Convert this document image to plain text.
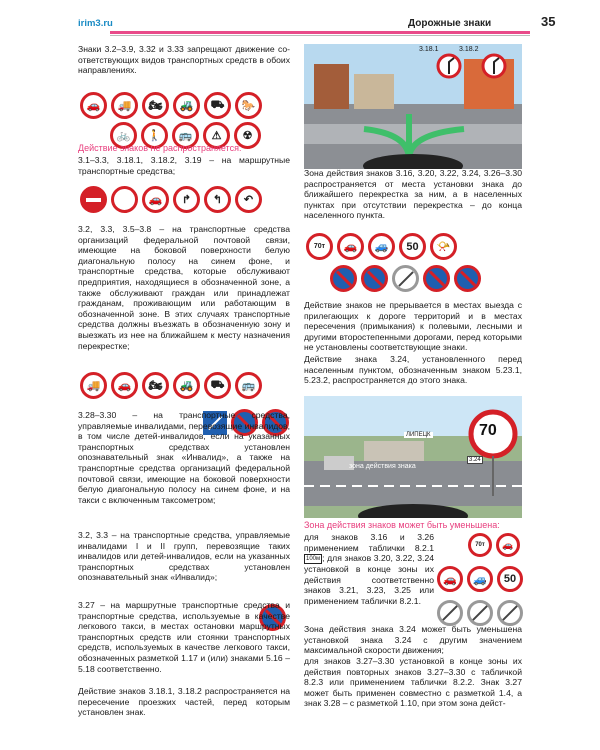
irim3.ru	Дорожные знаки	35
Знаки 3.2–3.9, 3.32 и 3.33 запрещают движение соответствующих видов транспортных средств в обоих направлениях.
🚗	🚚	🏍	🚜	⛟	🐎
🚲	🚶	🚌	⚠	☢
Действие знаков не распространяется:
3.1–3.3, 3.18.1, 3.18.2, 3.19 – на маршрутные транспортные средства;
🚗	↱	↰	↶
3.2, 3.3, 3.5–3.8 – на транспортные средства организаций федеральной почтовой связи, имеющие на боковой поверхности белую диагональную полосу на синем фоне, и транспортные средства, которые обслуживают предприятия, находящиеся в обозначенной зоне, а также обслуживают граждан или принадлежат гражданам, проживающим или работающим в обозначенной зоне. В этих случаях транспортные средства должны въезжать в обозначенную зону и выезжать из нее на ближайшем к месту назначения перекрестке;
🚚	🚗	🏍	🚜	⛟	🚌
3.28–3.30 – на транспортные средства, управляемые инвалидами, перевозящие инвалидов, в том числе детей-инвалидов, если на указанных транспортных средствах установлен опознавательный знак «Инвалид», а также на транспортные средства организаций федеральной почтовой связи, имеющие на боковой поверхности белую диагональную полосу на синем фоне, и на такси с включенным таксометром;
3.2, 3.3 – на транспортные средства, управляемые инвалидами I и II групп, перевозящие таких инвалидов или детей-инвалидов, если на указанных транспортных средствах установлен опознавательный знак «Инвалид»;
3.27 – на маршрутные транспортные средства и транспортные средства, используемые в качестве легкового такси, в местах остановки маршрутных транспортных средств или стоянки транспортных средств, используемых в качестве легкового такси, обозначенных разметкой 1.17 и (или) знаками 5.16 – 5.18 соответственно.
Действие знаков 3.18.1, 3.18.2 распространяется на пересечение проезжих частей, перед которым установлен знак.
3.18.1	3.18.2
Зона действия знаков 3.16, 3.20, 3.22, 3.24, 3.26–3.30 распространяется от места установки знака до ближайшего перекрестка за ним, а в населенных пунктах при отсутствии перекрестка – до конца населенного пункта.
70т	🚗	🚙	50	📯
Действие знаков не прерывается в местах выезда с прилегающих к дороге территорий и в местах пересечения (примыкания) к полевыми, лесными и другими второстепенными дорогами, перед которыми не установлены соответствующие знаки.
Действие знака 3.24, установленного перед населенным пунктом, обозначенным знаком 5.23.1, 5.23.2, распространяется до этого знака.
ЛИПЕЦК
зона действия знака
3.24
70
Зона действия знаков может быть уменьшена:
для знаков 3.16 и 3.26 применением таблички 8.2.1 100м ; для знаков 3.20, 3.22, 3.24 установкой в конце зоны их действия соответственно знаков 3.21, 3.23, 3.25 или применением таблички 8.2.1.
70т	🚗
🚗	🚙	50
Зона действия знака 3.24 может быть уменьшена установкой знака 3.24 с другим значением максимальной скорости движения;
для знаков 3.27–3.30 установкой в конце зоны их действия повторных знаков 3.27–3.30 с табличкой 8.2.3 или применением таблички 8.2.2. Знак 3.27 может быть применен совместно с разметкой 1.4, а знак 3.28 – с разметкой 1.10, при этом зона дейст-
